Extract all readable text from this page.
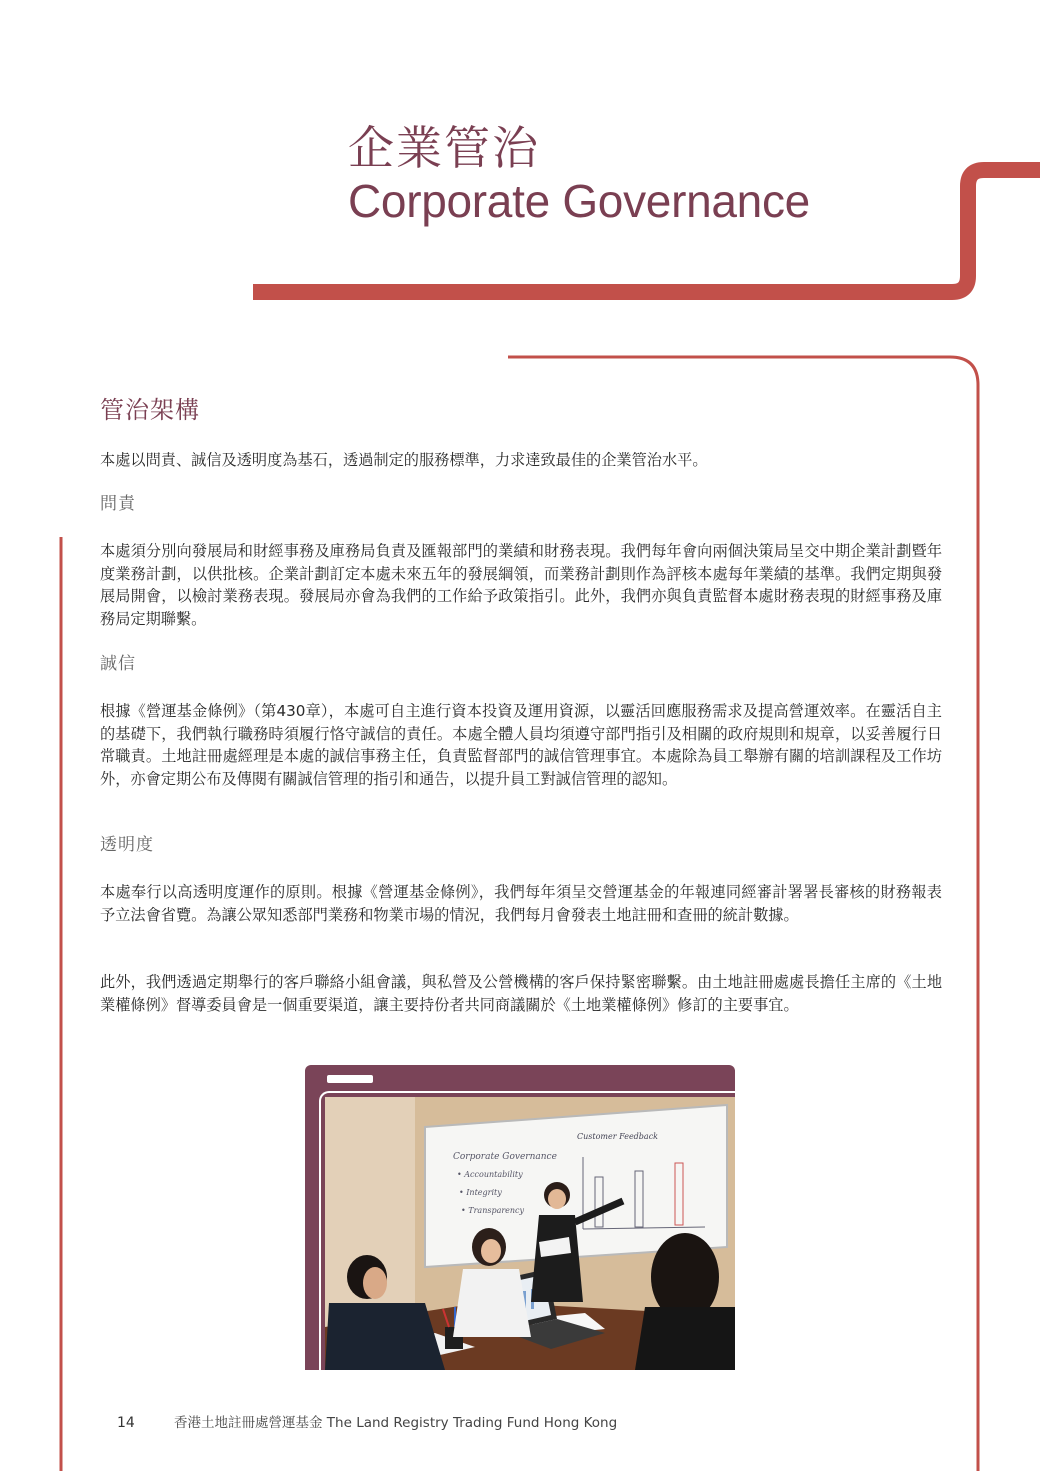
企業管治
Corporate Governance
管治架構
本處以問責、誠信及透明度為基石，透過制定的服務標準，力求達致最佳的企業管治水平。
問責
本處須分別向發展局和財經事務及庫務局負責及匯報部門的業績和財務表現。我們每年會向兩個決策局呈交中期企業計劃暨年度業務計劃，以供批核。企業計劃訂定本處未來五年的發展綱領，而業務計劃則作為評核本處每年業績的基準。我們定期與發展局開會，以檢討業務表現。發展局亦會為我們的工作給予政策指引。此外，我們亦與負責監督本處財務表現的財經事務及庫務局定期聯繫。
誠信
根據《營運基金條例》（第430章），本處可自主進行資本投資及運用資源，以靈活回應服務需求及提高營運效率。在靈活自主的基礎下，我們執行職務時須履行恪守誠信的責任。本處全體人員均須遵守部門指引及相關的政府規則和規章，以妥善履行日常職責。土地註冊處經理是本處的誠信事務主任，負責監督部門的誠信管理事宜。本處除為員工舉辦有關的培訓課程及工作坊外，亦會定期公布及傳閱有關誠信管理的指引和通告，以提升員工對誠信管理的認知。
透明度
本處奉行以高透明度運作的原則。根據《營運基金條例》，我們每年須呈交營運基金的年報連同經審計署署長審核的財務報表予立法會省覽。為讓公眾知悉部門業務和物業市場的情況，我們每月會發表土地註冊和查冊的統計數據。
此外，我們透過定期舉行的客戶聯絡小組會議，與私營及公營機構的客戶保持緊密聯繫。由土地註冊處處長擔任主席的《土地業權條例》督導委員會是一個重要渠道，讓主要持份者共同商議關於《土地業權條例》修訂的主要事宜。
Corporate Governance
• Accountability
• Integrity
• Transparency
Customer Feedback
14	香港土地註冊處營運基金 The Land Registry Trading Fund Hong Kong
